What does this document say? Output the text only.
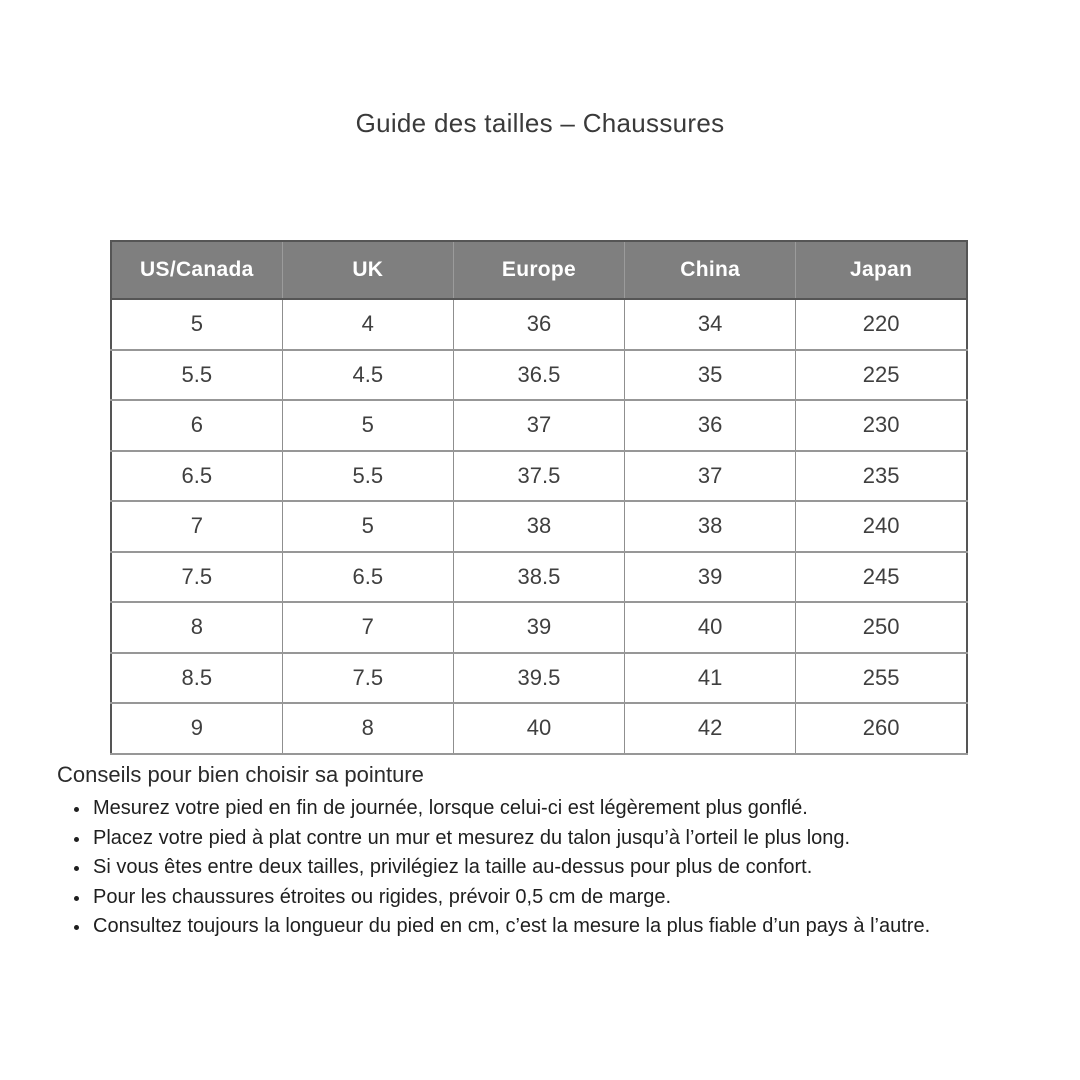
Guide des tailles – Chaussures
US/Canada	UK	Europe	China	Japan
5	4	36	34	220
5.5	4.5	36.5	35	225
6	5	37	36	230
6.5	5.5	37.5	37	235
7	5	38	38	240
7.5	6.5	38.5	39	245
8	7	39	40	250
8.5	7.5	39.5	41	255
9	8	40	42	260
Conseils pour bien choisir sa pointure
• Mesurez votre pied en fin de journée, lorsque celui-ci est légèrement plus gonflé.
• Placez votre pied à plat contre un mur et mesurez du talon jusqu’à l’orteil le plus long.
• Si vous êtes entre deux tailles, privilégiez la taille au-dessus pour plus de confort.
• Pour les chaussures étroites ou rigides, prévoir 0,5 cm de marge.
• Consultez toujours la longueur du pied en cm, c’est la mesure la plus fiable d’un pays à l’autre.
